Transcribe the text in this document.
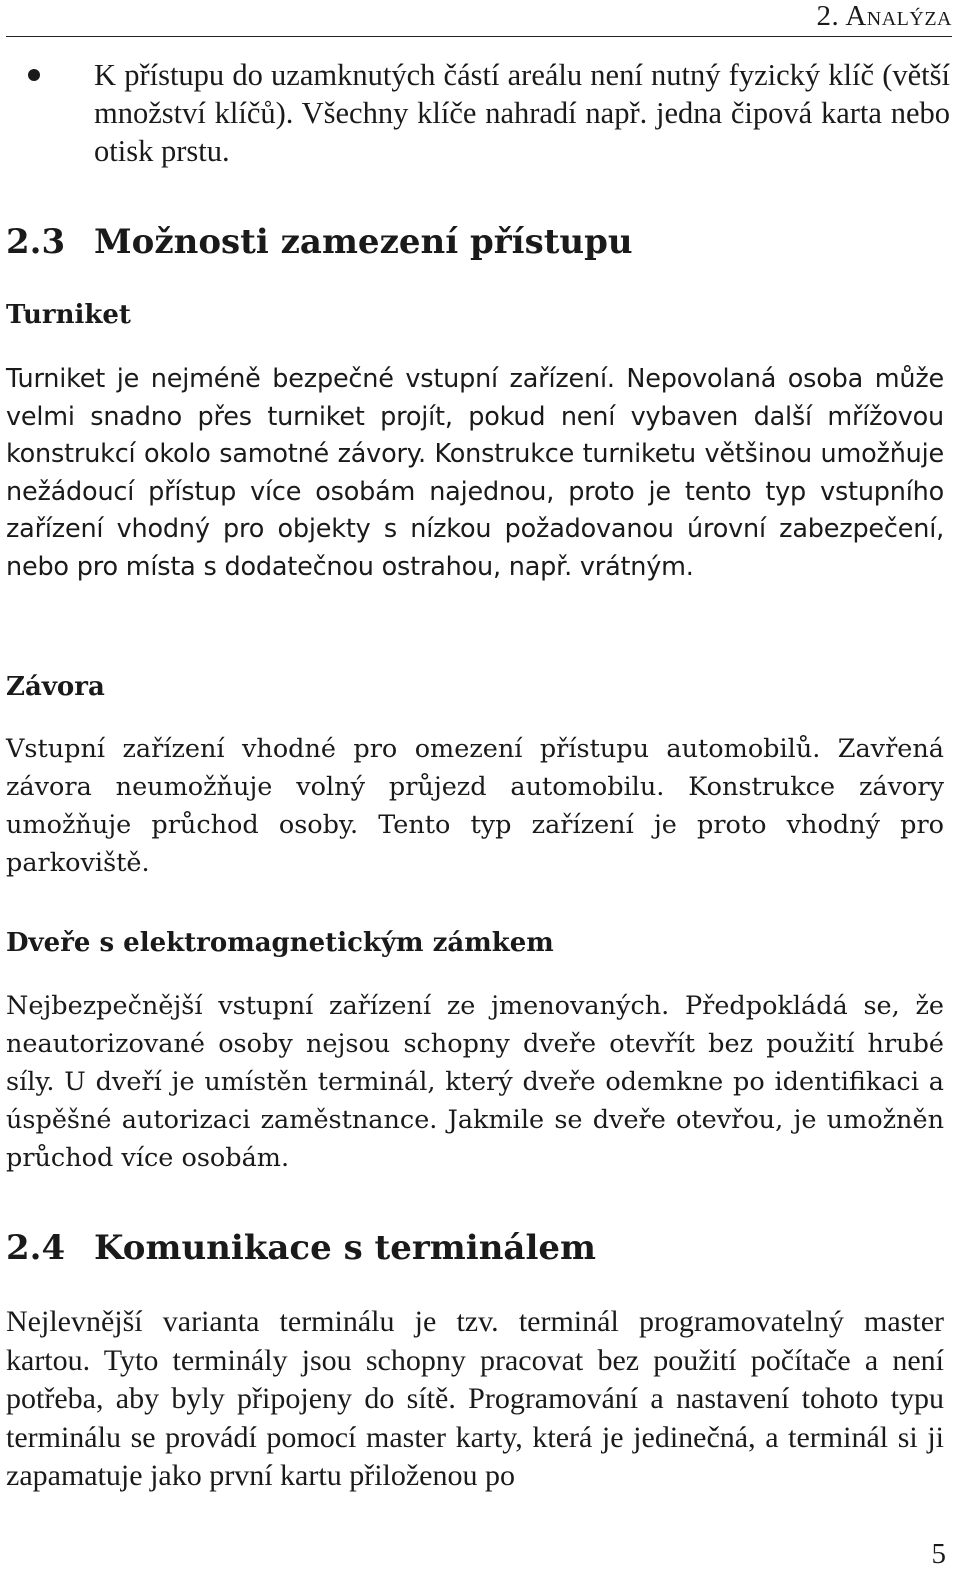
2. Analýza
K přístupu do uzamknutých částí areálu není nutný fyzický klíč (větší množství klíčů). Všechny klíče nahradí např. jedna čipová karta nebo otisk prstu.
2.3 Možnosti zamezení přístupu
Turniket
Turniket je nejméně bezpečné vstupní zařízení. Nepovolaná osoba může velmi snadno přes turniket projít, pokud není vybaven další mřížovou konstrukcí okolo samotné závory. Konstrukce turniketu většinou umožňuje nežádoucí přístup více osobám najednou, proto je tento typ vstupního zařízení vhodný pro objekty s nízkou požadovanou úrovní zabezpečení, nebo pro místa s dodatečnou ostrahou, např. vrátným.
Závora
Vstupní zařízení vhodné pro omezení přístupu automobilů. Zavřená závora neumožňuje volný průjezd automobilu. Konstrukce závory umožňuje průchod osoby. Tento typ zařízení je proto vhodný pro parkoviště.
Dveře s elektromagnetickým zámkem
Nejbezpečnější vstupní zařízení ze jmenovaných. Předpokládá se, že neautorizované osoby nejsou schopny dveře otevřít bez použití hrubé síly. U dveří je umístěn terminál, který dveře odemkne po identifikaci a úspěšné autorizaci zaměstnance. Jakmile se dveře otevřou, je umožněn průchod více osobám.
2.4 Komunikace s terminálem
Nejlevnější varianta terminálu je tzv. terminál programovatelný master kartou. Tyto terminály jsou schopny pracovat bez použití počítače a není potřeba, aby byly připojeny do sítě. Programování a nastavení tohoto typu terminálu se provádí pomocí master karty, která je jedinečná, a terminál si ji zapamatuje jako první kartu přiloženou po
5
